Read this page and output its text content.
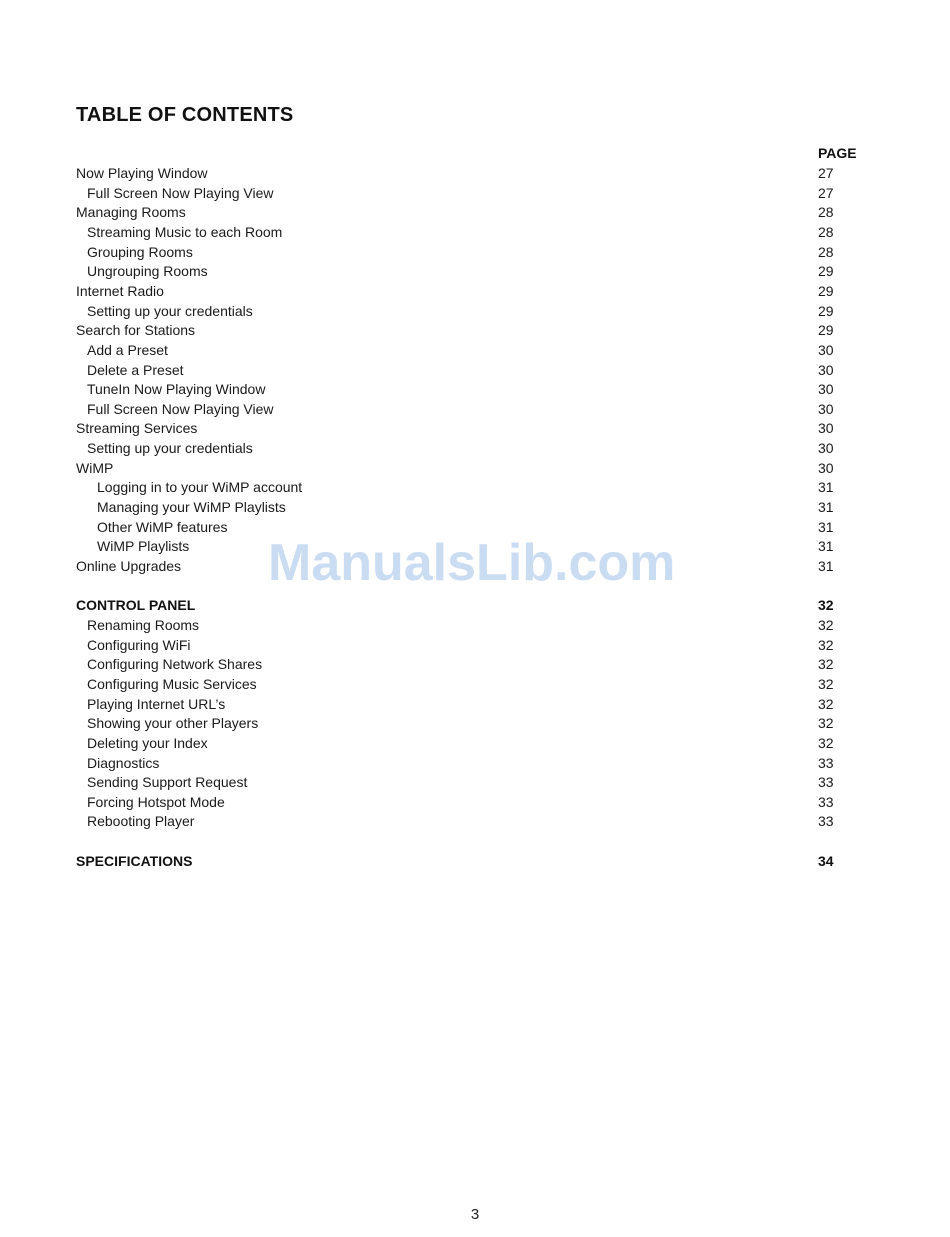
TABLE OF CONTENTS
PAGE
Now Playing Window	27
Full Screen Now Playing View	27
Managing Rooms	28
Streaming Music to each Room	28
Grouping Rooms	28
Ungrouping Rooms	29
Internet Radio	29
Setting up your credentials	29
Search for Stations	29
Add a Preset	30
Delete a Preset	30
TuneIn Now Playing Window	30
Full Screen Now Playing View	30
Streaming Services	30
Setting up your credentials	30
WiMP	30
Logging in to your WiMP account	31
Managing your WiMP Playlists	31
Other WiMP features	31
WiMP Playlists	31
Online Upgrades	31
CONTROL PANEL	32
Renaming Rooms	32
Configuring WiFi	32
Configuring Network Shares	32
Configuring Music Services	32
Playing Internet URL’s	32
Showing your other Players	32
Deleting your Index	32
Diagnostics	33
Sending Support Request	33
Forcing Hotspot Mode	33
Rebooting Player	33
SPECIFICATIONS	34
ManualsLib.com
3
